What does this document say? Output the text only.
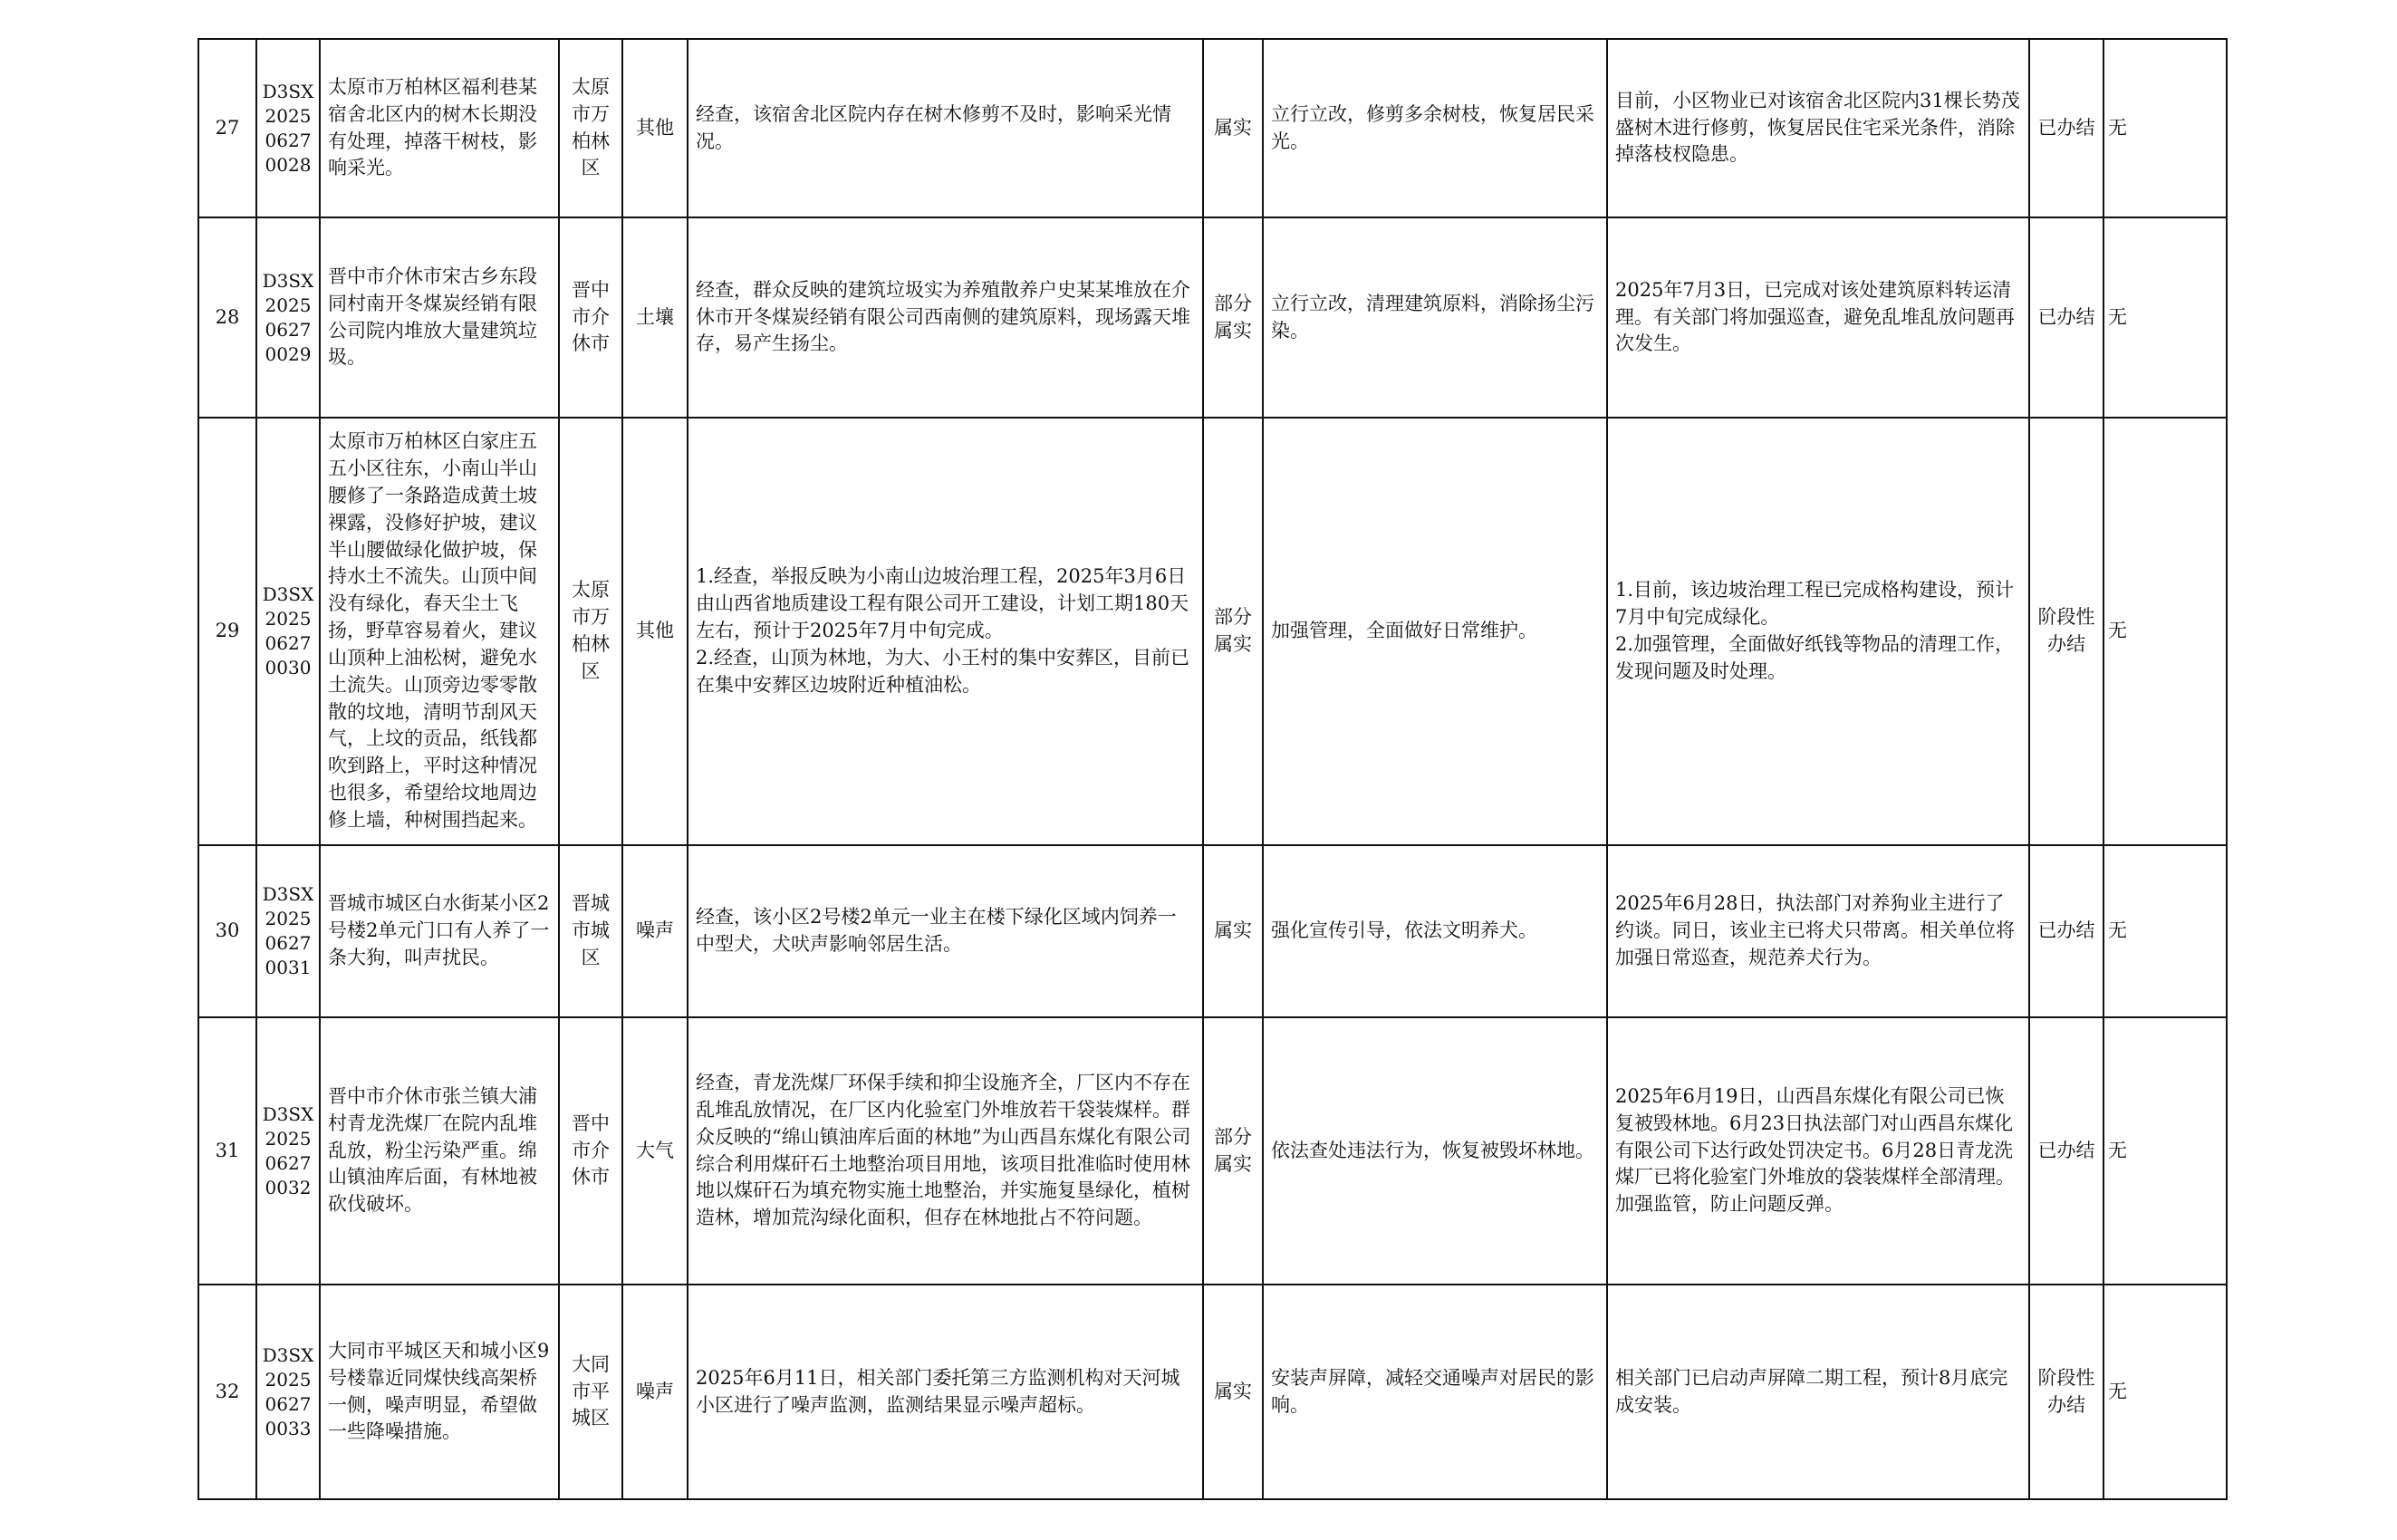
27	D3SX202506270028	太原市万柏林区福利巷某宿舍北区内的树木长期没有处理，掉落干树枝，影响采光。	太原市万柏林区	其他	经查，该宿舍北区院内存在树木修剪不及时，影响采光情况。	属实	立行立改，修剪多余树枝，恢复居民采光。	目前，小区物业已对该宿舍北区院内31棵长势茂盛树木进行修剪，恢复居民住宅采光条件，消除掉落枝杈隐患。	已办结	无
28	D3SX202506270029	晋中市介休市宋古乡东段同村南开冬煤炭经销有限公司院内堆放大量建筑垃圾。	晋中市介休市	土壤	经查，群众反映的建筑垃圾实为养殖散养户史某某堆放在介休市开冬煤炭经销有限公司西南侧的建筑原料，现场露天堆存，易产生扬尘。	部分属实	立行立改，清理建筑原料，消除扬尘污染。	2025年7月3日，已完成对该处建筑原料转运清理。有关部门将加强巡查，避免乱堆乱放问题再次发生。	已办结	无
29	D3SX202506270030	太原市万柏林区白家庄五五小区往东，小南山半山腰修了一条路造成黄土坡裸露，没修好护坡，建议半山腰做绿化做护坡，保持水土不流失。山顶中间没有绿化，春天尘土飞扬，野草容易着火，建议山顶种上油松树，避免水土流失。山顶旁边零零散散的坟地，清明节刮风天气，上坟的贡品，纸钱都吹到路上，平时这种情况也很多，希望给坟地周边修上墙，种树围挡起来。	太原市万柏林区	其他	1.经查，举报反映为小南山边坡治理工程，2025年3月6日由山西省地质建设工程有限公司开工建设，计划工期180天左右，预计于2025年7月中旬完成。
2.经查，山顶为林地，为大、小王村的集中安葬区，目前已在集中安葬区边坡附近种植油松。	部分属实	加强管理，全面做好日常维护。	1.目前，该边坡治理工程已完成格构建设，预计7月中旬完成绿化。
2.加强管理，全面做好纸钱等物品的清理工作，发现问题及时处理。	阶段性办结	无
30	D3SX202506270031	晋城市城区白水街某小区2号楼2单元门口有人养了一条大狗，叫声扰民。	晋城市城区	噪声	经查，该小区2号楼2单元一业主在楼下绿化区域内饲养一中型犬，犬吠声影响邻居生活。	属实	强化宣传引导，依法文明养犬。	2025年6月28日，执法部门对养狗业主进行了约谈。同日，该业主已将犬只带离。相关单位将加强日常巡查，规范养犬行为。	已办结	无
31	D3SX202506270032	晋中市介休市张兰镇大浦村青龙洗煤厂在院内乱堆乱放，粉尘污染严重。绵山镇油库后面，有林地被砍伐破坏。	晋中市介休市	大气	经查，青龙洗煤厂环保手续和抑尘设施齐全，厂区内不存在乱堆乱放情况，在厂区内化验室门外堆放若干袋装煤样。群众反映的“绵山镇油库后面的林地”为山西昌东煤化有限公司综合利用煤矸石土地整治项目用地，该项目批准临时使用林地以煤矸石为填充物实施土地整治，并实施复垦绿化，植树造林，增加荒沟绿化面积，但存在林地批占不符问题。	部分属实	依法查处违法行为，恢复被毁坏林地。	2025年6月19日，山西昌东煤化有限公司已恢复被毁林地。6月23日执法部门对山西昌东煤化有限公司下达行政处罚决定书。6月28日青龙洗煤厂已将化验室门外堆放的袋装煤样全部清理。加强监管，防止问题反弹。	已办结	无
32	D3SX202506270033	大同市平城区天和城小区9号楼靠近同煤快线高架桥一侧，噪声明显，希望做一些降噪措施。	大同市平城区	噪声	2025年6月11日，相关部门委托第三方监测机构对天河城小区进行了噪声监测，监测结果显示噪声超标。	属实	安装声屏障，减轻交通噪声对居民的影响。	相关部门已启动声屏障二期工程，预计8月底完成安装。	阶段性办结	无
